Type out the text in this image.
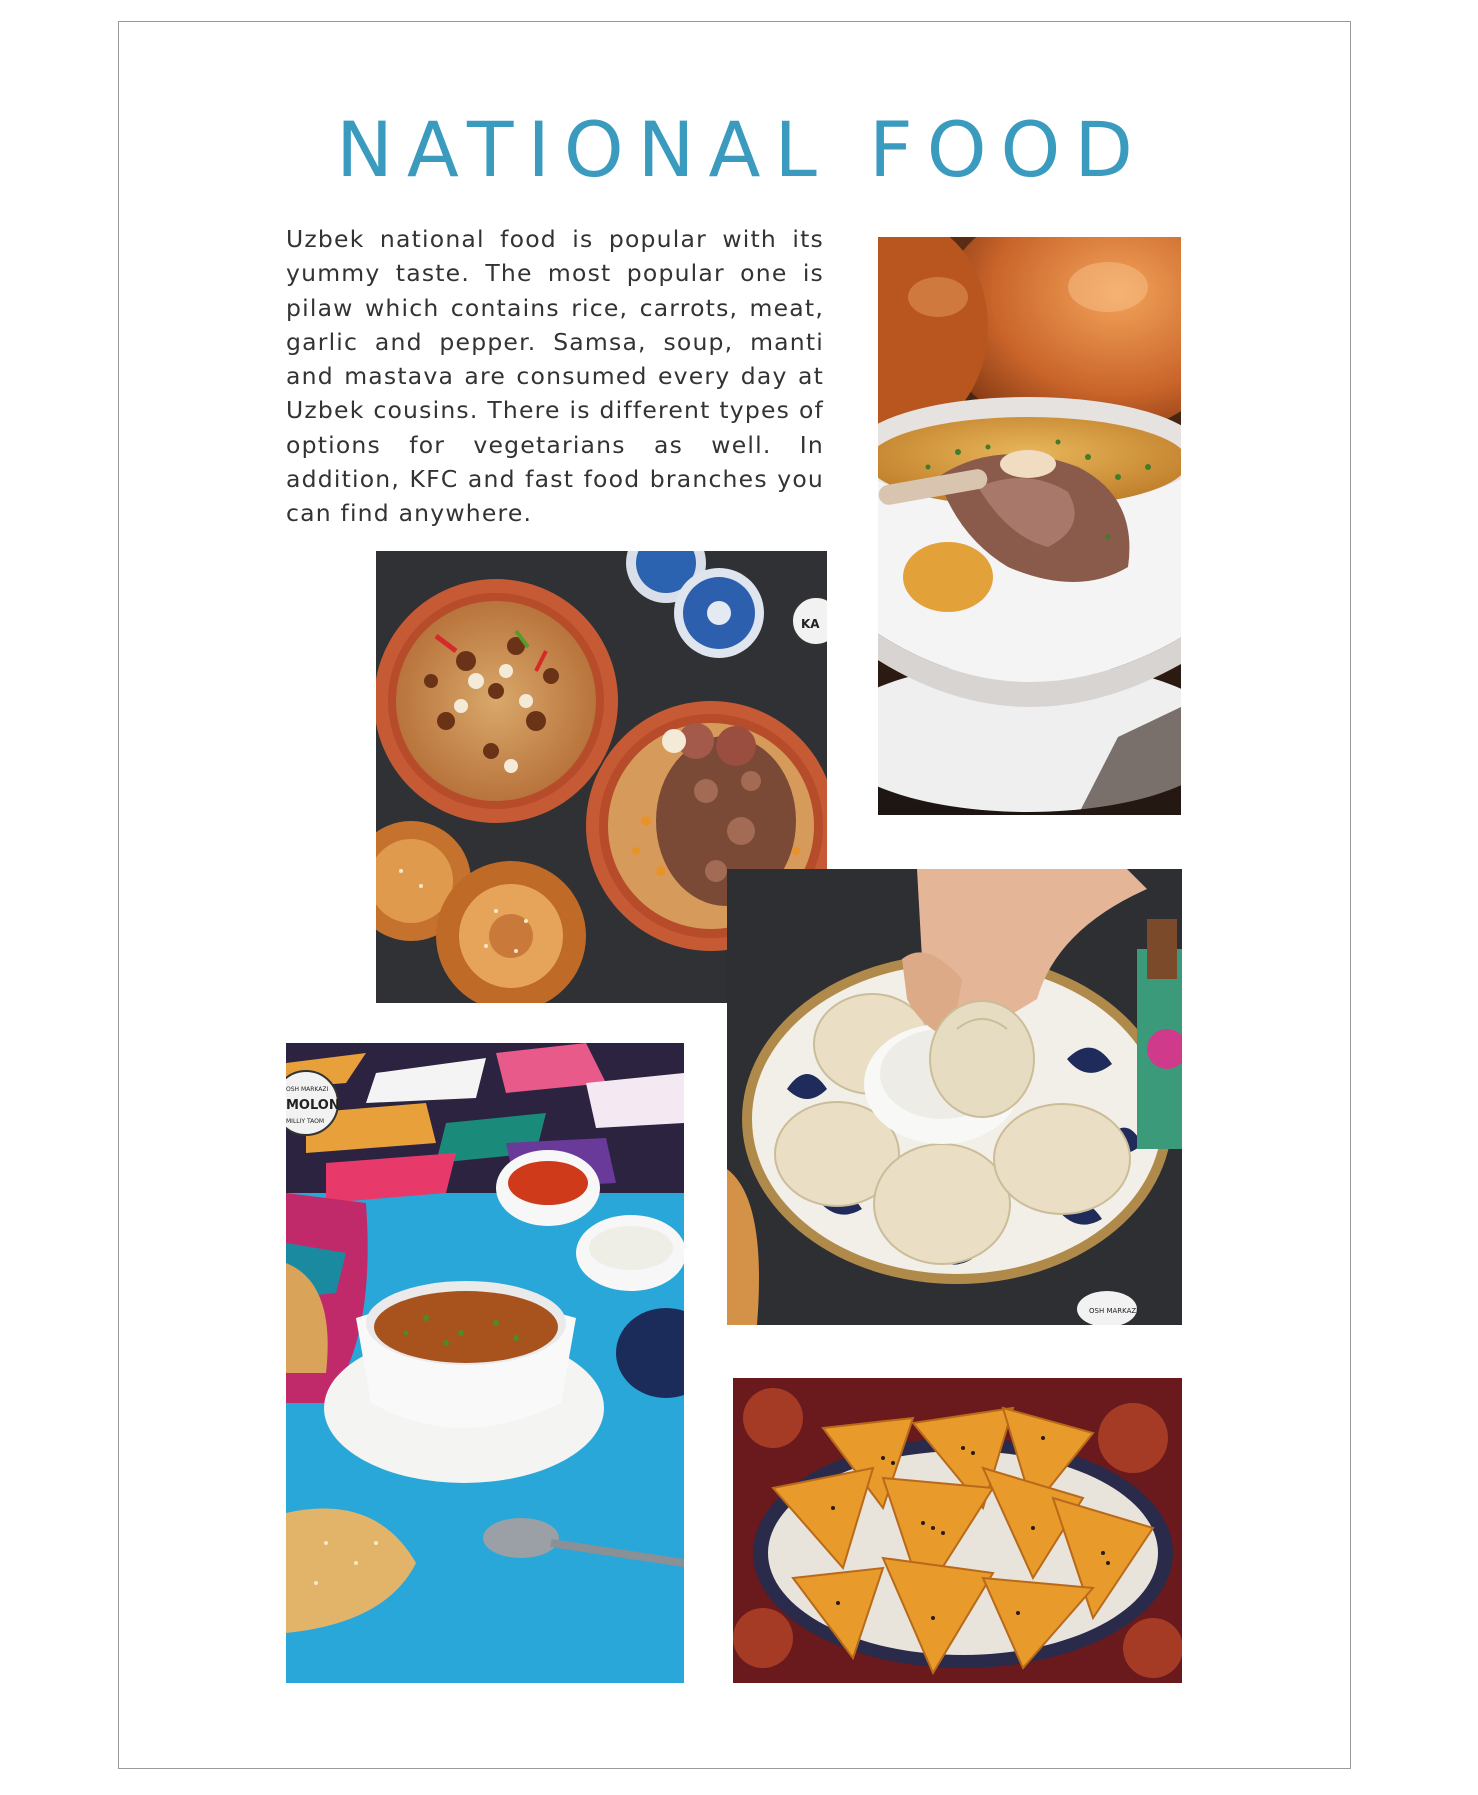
NATIONAL FOOD

Uzbek national food is popular with its yummy taste. The most popular one is pilaw which contains rice, carrots, meat, garlic and pepper. Samsa, soup, manti and mastava are consumed every day at Uzbek cousins. There is different types of options for vegetarians as well. In addition, KFC and fast food branches you can find anywhere.

KA
OSH MARKAZI
OSH MARKAZI
MOLON
MILLIY TAOM
